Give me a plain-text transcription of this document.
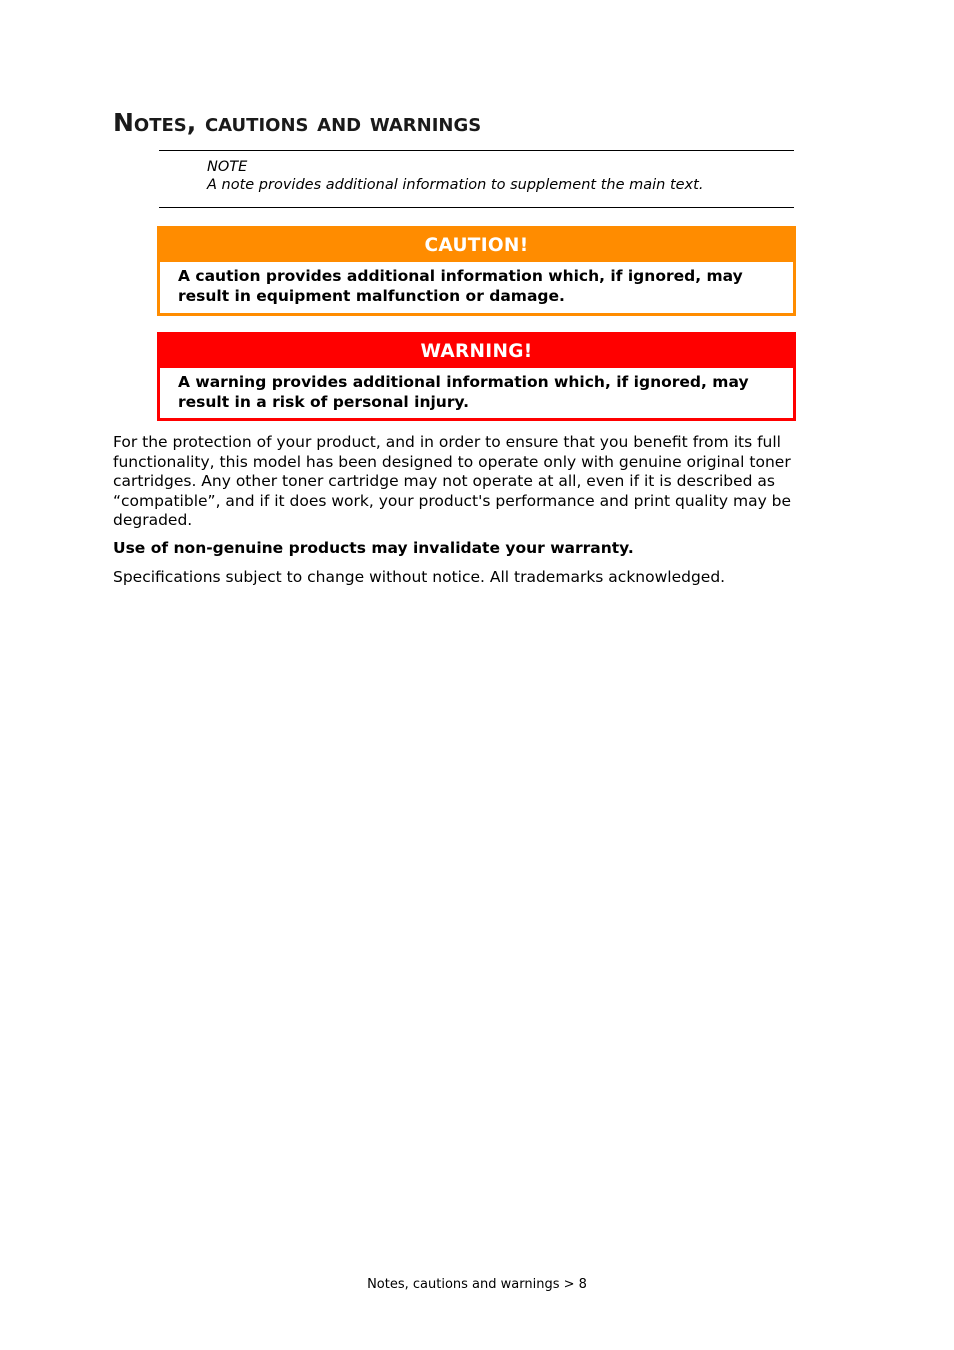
Notes, cautions and warnings
NOTE
A note provides additional information to supplement the main text.
CAUTION!
A caution provides additional information which, if ignored, may result in equipment malfunction or damage.
WARNING!
A warning provides additional information which, if ignored, may result in a risk of personal injury.

For the protection of your product, and in order to ensure that you benefit from its full functionality, this model has been designed to operate only with genuine original toner cartridges. Any other toner cartridge may not operate at all, even if it is described as “compatible”, and if it does work, your product's performance and print quality may be degraded.

Use of non-genuine products may invalidate your warranty.

Specifications subject to change without notice. All trademarks acknowledged.

Notes, cautions and warnings > 8
